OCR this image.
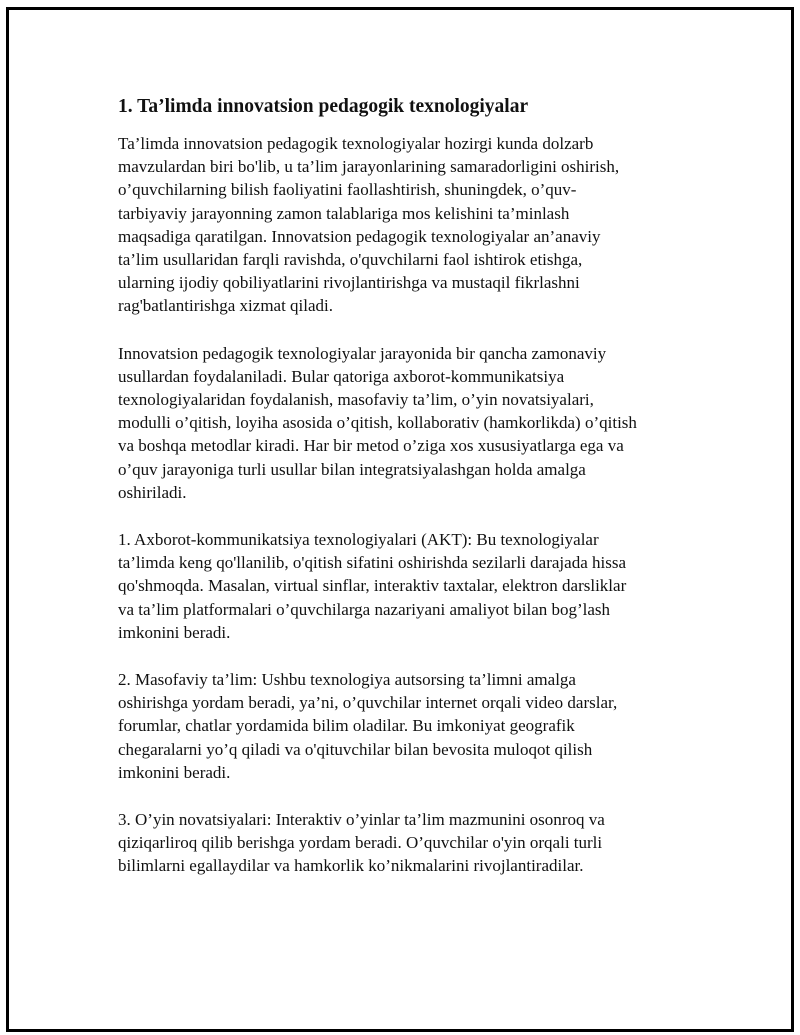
1. Ta’limda innovatsion pedagogik texnologiyalar

Ta’limda innovatsion pedagogik texnologiyalar hozirgi kunda dolzarb
mavzulardan biri bo'lib, u ta’lim jarayonlarining samaradorligini oshirish,
o’quvchilarning bilish faoliyatini faollashtirish, shuningdek, o’quv-
tarbiyaviy jarayonning zamon talablariga mos kelishini ta’minlash
maqsadiga qaratilgan. Innovatsion pedagogik texnologiyalar an’anaviy
ta’lim usullaridan farqli ravishda, o'quvchilarni faol ishtirok etishga,
ularning ijodiy qobiliyatlarini rivojlantirishga va mustaqil fikrlashni
rag'batlantirishga xizmat qiladi.

Innovatsion pedagogik texnologiyalar jarayonida bir qancha zamonaviy
usullardan foydalaniladi. Bular qatoriga axborot-kommunikatsiya
texnologiyalaridan foydalanish, masofaviy ta’lim, o’yin novatsiyalari,
modulli o’qitish, loyiha asosida o’qitish, kollaborativ (hamkorlikda) o’qitish
va boshqa metodlar kiradi. Har bir metod o’ziga xos xususiyatlarga ega va
o’quv jarayoniga turli usullar bilan integratsiyalashgan holda amalga
oshiriladi.

1. Axborot-kommunikatsiya texnologiyalari (AKT): Bu texnologiyalar
ta’limda keng qo'llanilib, o'qitish sifatini oshirishda sezilarli darajada hissa
qo'shmoqda. Masalan, virtual sinflar, interaktiv taxtalar, elektron darsliklar
va ta’lim platformalari o’quvchilarga nazariyani amaliyot bilan bog’lash
imkonini beradi.

2. Masofaviy ta’lim: Ushbu texnologiya autsorsing ta’limni amalga
oshirishga yordam beradi, ya’ni, o’quvchilar internet orqali video darslar,
forumlar, chatlar yordamida bilim oladilar. Bu imkoniyat geografik
chegaralarni yo’q qiladi va o'qituvchilar bilan bevosita muloqot qilish
imkonini beradi.

3. O’yin novatsiyalari: Interaktiv o’yinlar ta’lim mazmunini osonroq va
qiziqarliroq qilib berishga yordam beradi. O’quvchilar o'yin orqali turli
bilimlarni egallaydilar va hamkorlik ko’nikmalarini rivojlantiradilar.
